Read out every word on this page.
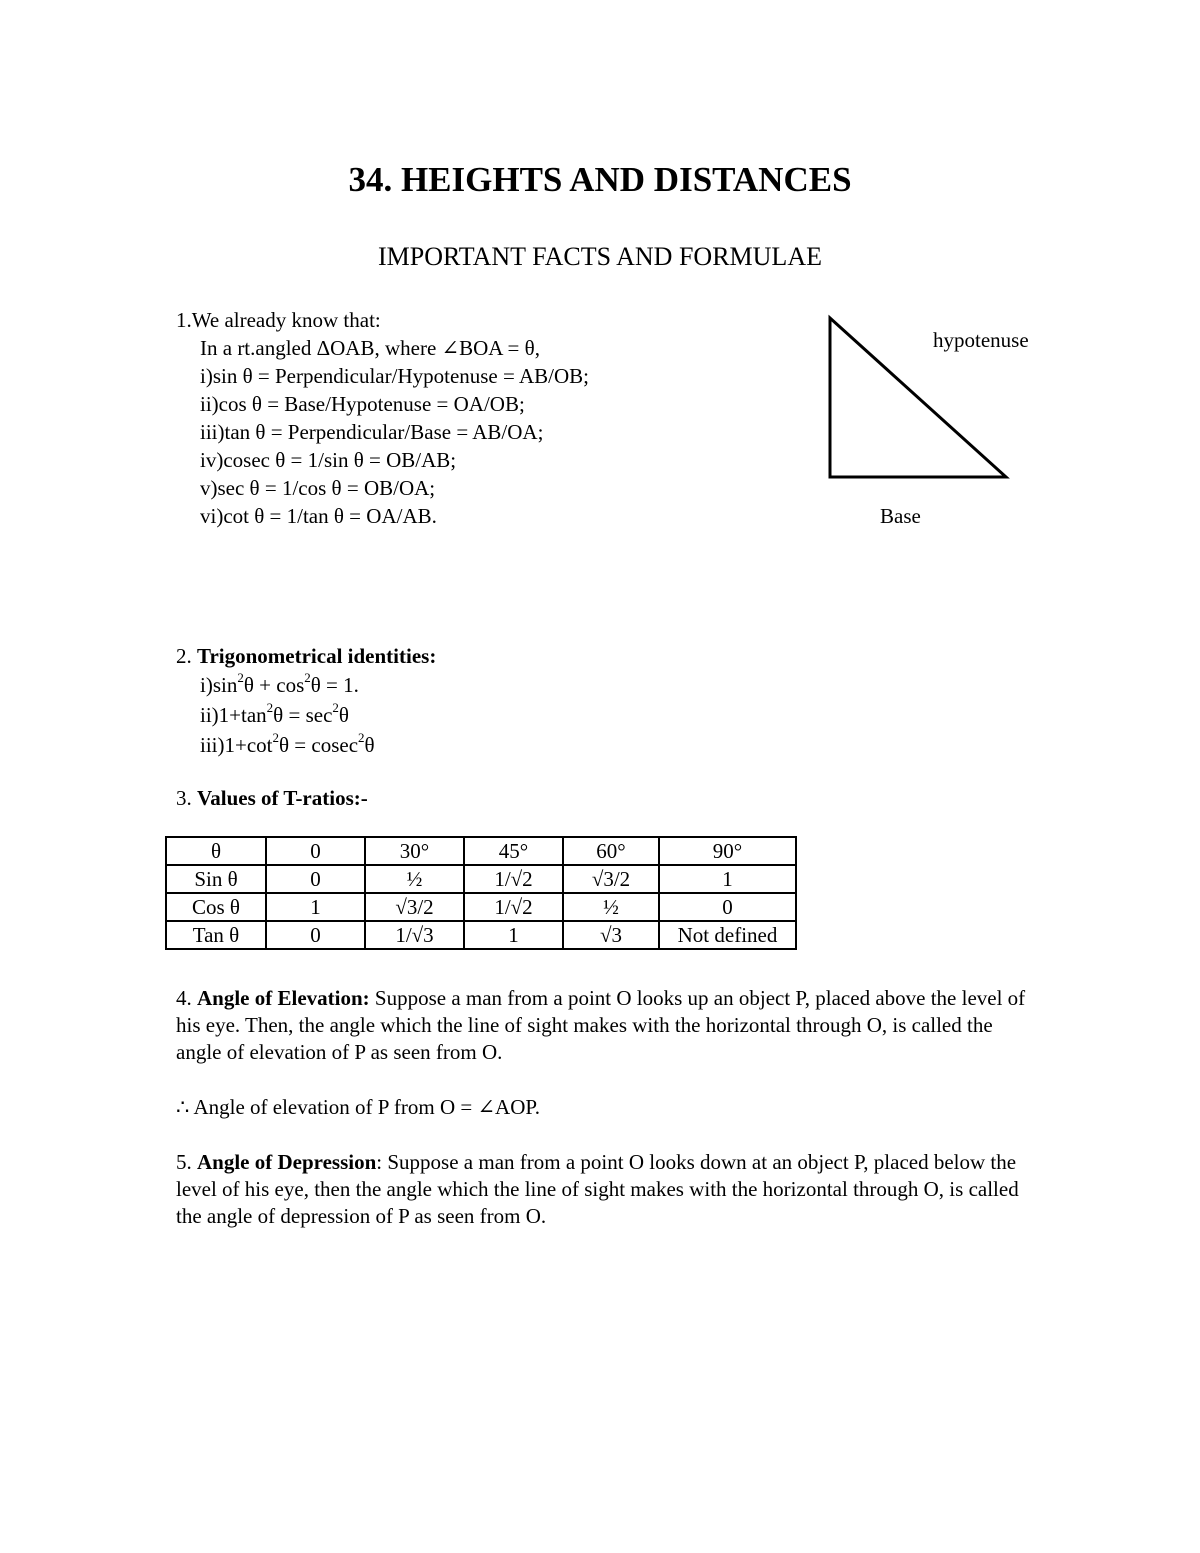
34. HEIGHTS AND DISTANCES
IMPORTANT FACTS AND FORMULAE
1.We already know that:
In a rt.angled ΔOAB, where ∠BOA = θ,
i)sin θ = Perpendicular/Hypotenuse = AB/OB;
ii)cos θ = Base/Hypotenuse = OA/OB;
iii)tan θ = Perpendicular/Base = AB/OA;
iv)cosec θ = 1/sin θ = OB/AB;
v)sec θ = 1/cos θ = OB/OA;
vi)cot θ = 1/tan θ = OA/AB.
hypotenuse
Base
2. Trigonometrical identities:
$i)\sin^2\theta + \cos^2\theta = 1$.
$ii)1+\tan^2\theta = \sec^2\theta$
$iii)1+\cot^2\theta = cosec^2\theta$
3. Values of T-ratios:-
θ	0	30°	45°	60°	90°
Sin θ	0	½	1/√2	√3/2	1
Cos θ	1	√3/2	1/√2	½	0
Tan θ	0	1/√3	1	√3	Not defined
4. Angle of Elevation: Suppose a man from a point O looks up an object P, placed above the level of his eye. Then, the angle which the line of sight makes with the horizontal through O, is called the angle of elevation of P as seen from O.
∴ Angle of elevation of P from O = ∠AOP.
5. Angle of Depression: Suppose a man from a point O looks down at an object P, placed below the level of his eye, then the angle which the line of sight makes with the horizontal through O, is called the angle of depression of P as seen from O.
